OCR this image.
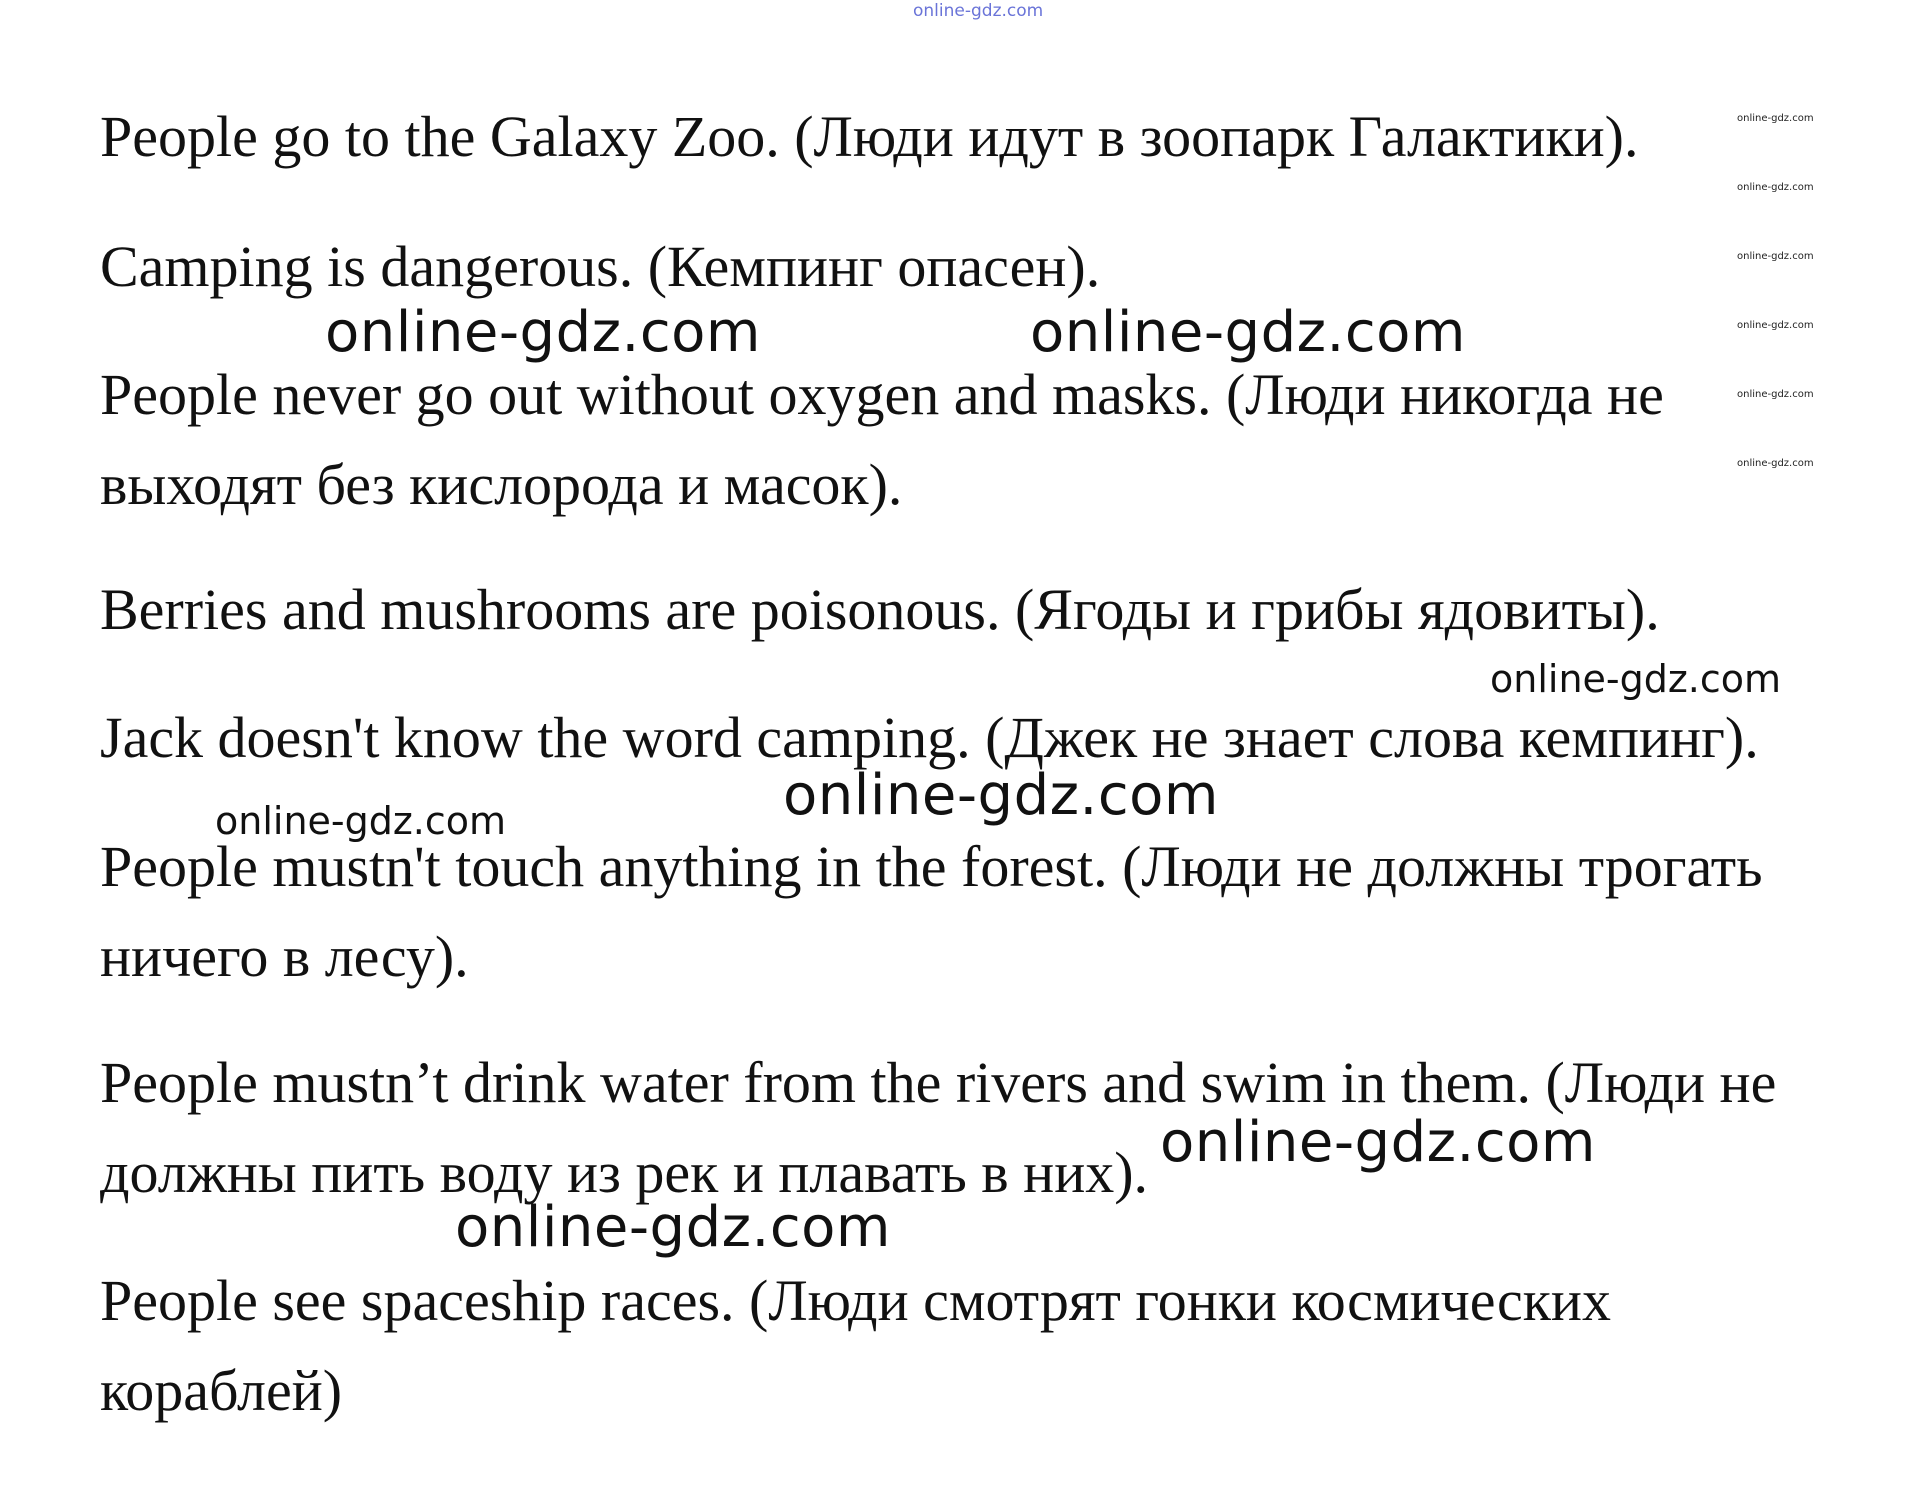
online-gdz.com
online-gdz.com
online-gdz.com
online-gdz.com
online-gdz.com
online-gdz.com
online-gdz.com

People go to the Galaxy Zoo. (Люди идут в зоопарк Галактики).

Camping is dangerous. (Кемпинг опасен).

People never go out without oxygen and masks. (Люди никогда не

выходят без кислорода и масок).

Berries and mushrooms are poisonous. (Ягоды и грибы ядовиты).

Jack doesn't know the word camping. (Джек не знает слова кемпинг).

People mustn't touch anything in the forest. (Люди не должны трогать

ничего в лесу).

People mustn’t drink water from the rivers and swim in them. (Люди не

должны пить воду из рек и плавать в них).

People see spaceship races. (Люди смотрят гонки космических

кораблей)

online-gdz.com	online-gdz.com
online-gdz.com
online-gdz.com
online-gdz.com
online-gdz.com
online-gdz.com
